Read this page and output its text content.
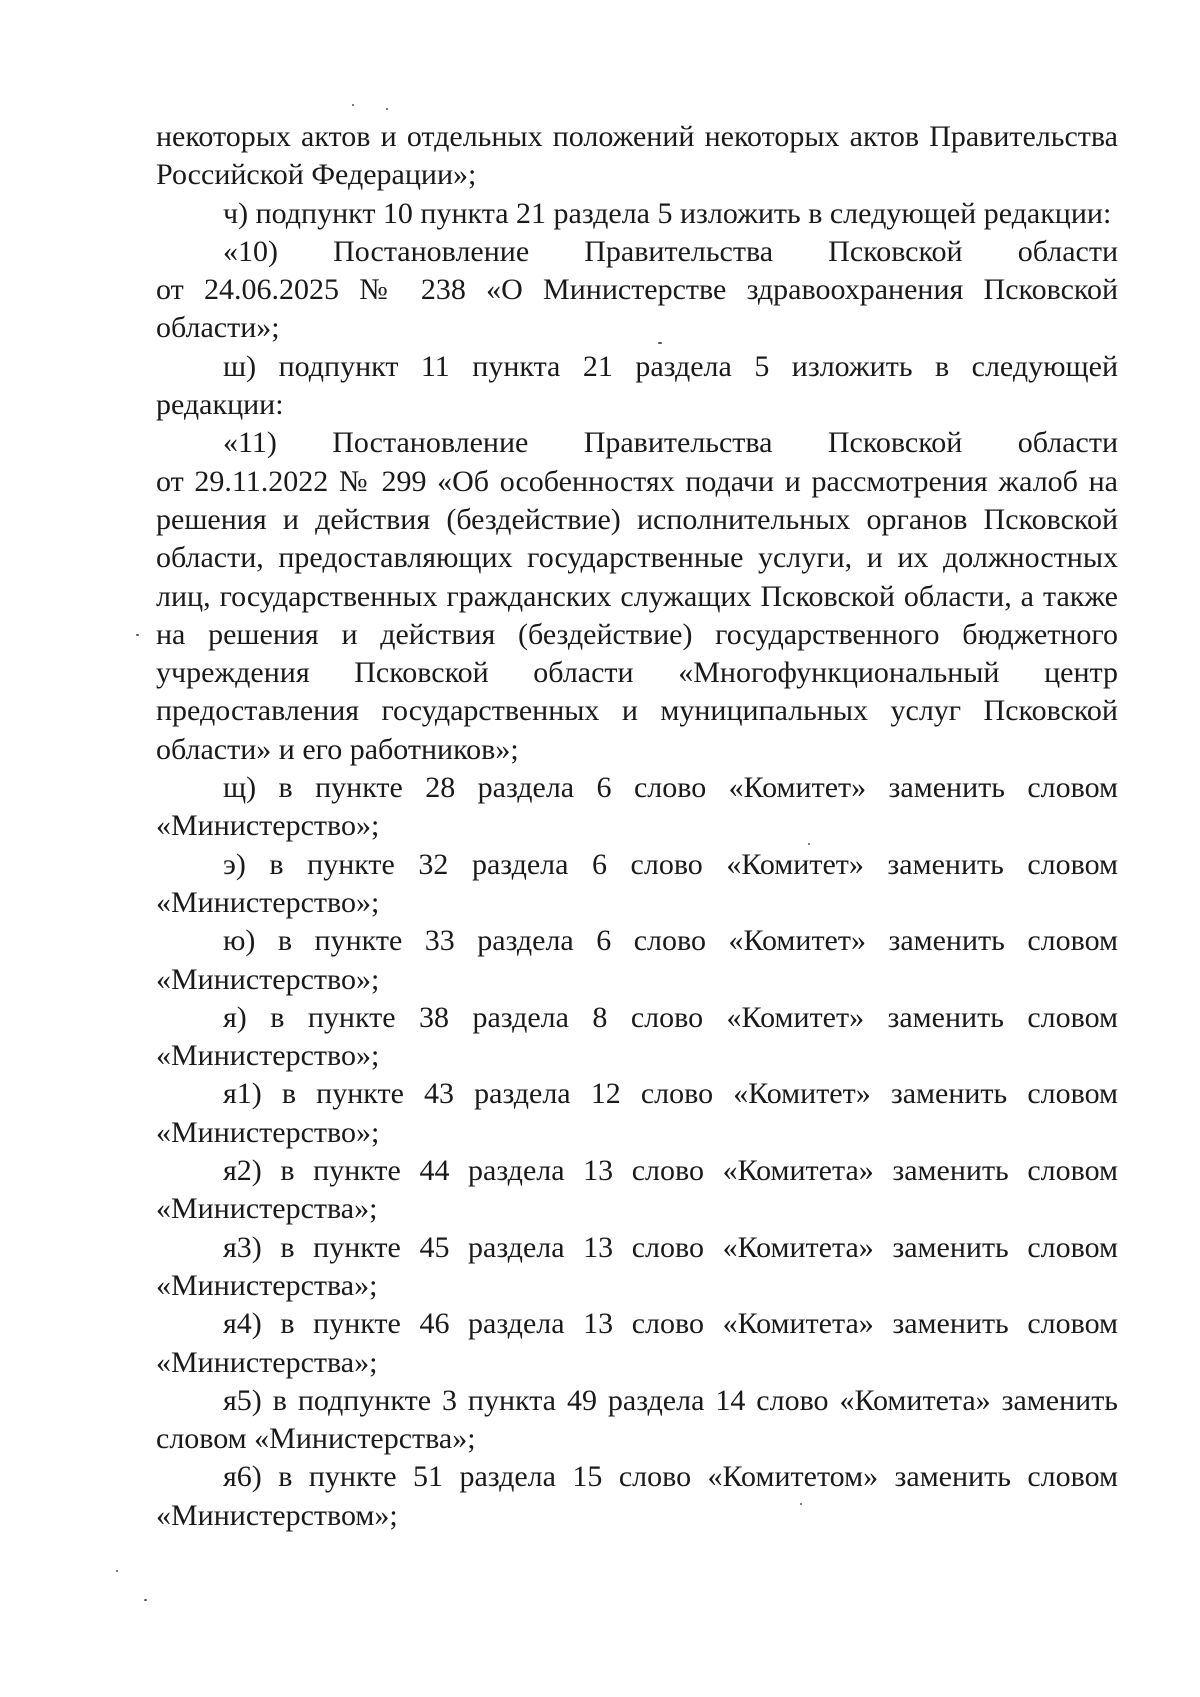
некоторых актов и отдельных положений некоторых актов Правительства Российской Федерации»;

ч) подпункт 10 пункта 21 раздела 5 изложить в следующей редакции:

«10) Постановление Правительства Псковской области

от 24.06.2025 № 238 «О Министерстве здравоохранения Псковской области»;

ш) подпункт 11 пункта 21 раздела 5 изложить в следующей редакции:

«11) Постановление Правительства Псковской области

от 29.11.2022 № 299 «Об особенностях подачи и рассмотрения жалоб на решения и действия (бездействие) исполнительных органов Псковской области, предоставляющих государственные услуги, и их должностных лиц, государственных гражданских служащих Псковской области, а также на решения и действия (бездействие) государственного бюджетного учреждения Псковской области «Многофункциональный центр предоставления государственных и муниципальных услуг Псковской области» и его работников»;

щ) в пункте 28 раздела 6 слово «Комитет» заменить словом «Министерство»;

э) в пункте 32 раздела 6 слово «Комитет» заменить словом «Министерство»;

ю) в пункте 33 раздела 6 слово «Комитет» заменить словом «Министерство»;

я) в пункте 38 раздела 8 слово «Комитет» заменить словом «Министерство»;

я1) в пункте 43 раздела 12 слово «Комитет» заменить словом «Министерство»;

я2) в пункте 44 раздела 13 слово «Комитета» заменить словом «Министерства»;

я3) в пункте 45 раздела 13 слово «Комитета» заменить словом «Министерства»;

я4) в пункте 46 раздела 13 слово «Комитета» заменить словом «Министерства»;

я5) в подпункте 3 пункта 49 раздела 14 слово «Комитета» заменить словом «Министерства»;

я6) в пункте 51 раздела 15 слово «Комитетом» заменить словом «Министерством»;
